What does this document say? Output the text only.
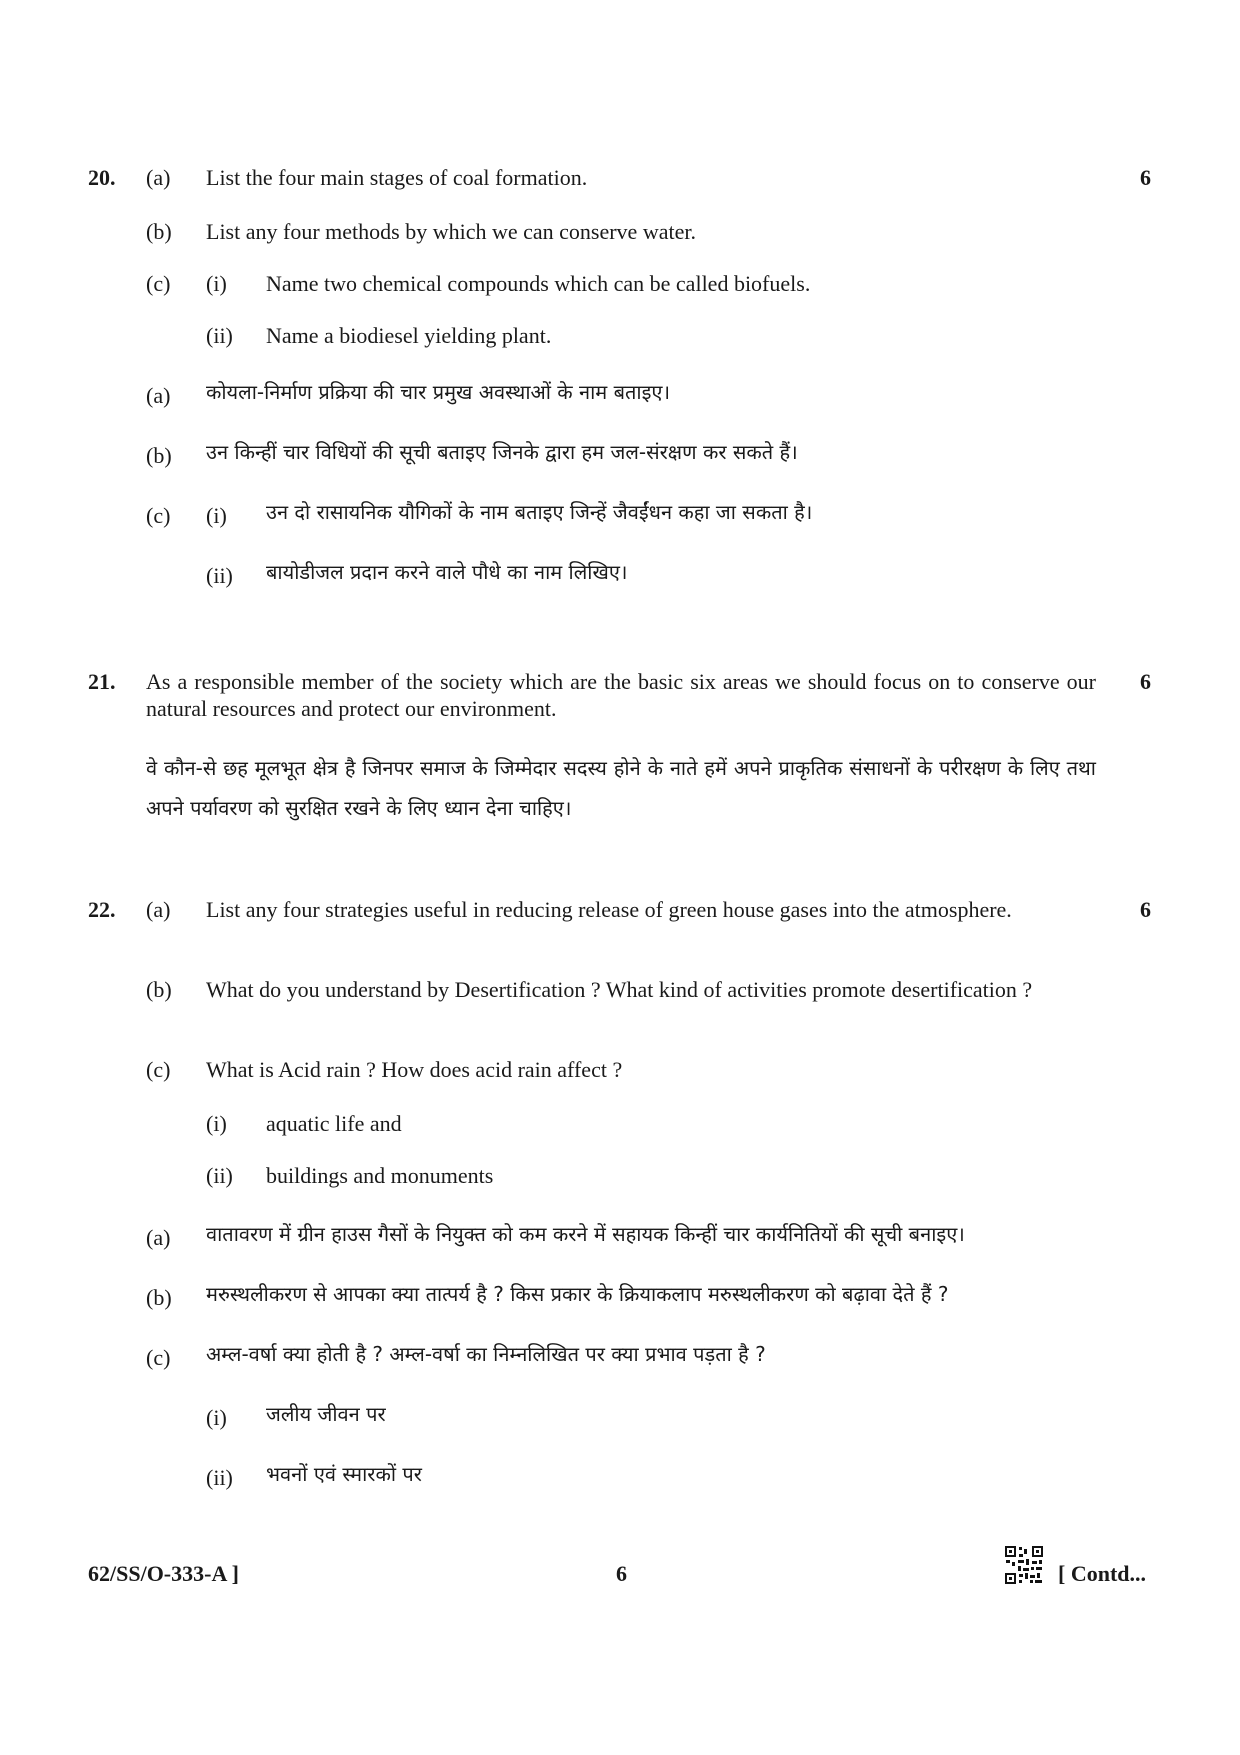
20. (a) List the four main stages of coal formation.	6
(b) List any four methods by which we can conserve water.
(c) (i) Name two chemical compounds which can be called biofuels.
(ii) Name a biodiesel yielding plant.
(a) कोयला-निर्माण प्रक्रिया की चार प्रमुख अवस्थाओं के नाम बताइए।
(b) उन किन्हीं चार विधियों की सूची बताइए जिनके द्वारा हम जल-संरक्षण कर सकते हैं।
(c) (i) उन दो रासायनिक यौगिकों के नाम बताइए जिन्हें जैवईंधन कहा जा सकता है।
(ii) बायोडीजल प्रदान करने वाले पौधे का नाम लिखिए।
21. As a responsible member of the society which are the basic six areas we should focus on to conserve our natural resources and protect our environment.
6
वे कौन-से छह मूलभूत क्षेत्र है जिनपर समाज के जिम्मेदार सदस्य होने के नाते हमें अपने प्राकृतिक संसाधनों के परीरक्षण के लिए तथा अपने पर्यावरण को सुरक्षित रखने के लिए ध्यान देना चाहिए।
22. (a) List any four strategies useful in reducing release of green house gases into the atmosphere.	6
(b) What do you understand by Desertification ? What kind of activities promote desertification ?
(c) What is Acid rain ? How does acid rain affect ?
(i) aquatic life and
(ii) buildings and monuments
(a) वातावरण में ग्रीन हाउस गैसों के नियुक्त को कम करने में सहायक किन्हीं चार कार्यनितियों की सूची बनाइए।
(b) मरुस्थलीकरण से आपका क्या तात्पर्य है ? किस प्रकार के क्रियाकलाप मरुस्थलीकरण को बढ़ावा देते हैं ?
(c) अम्ल-वर्षा क्या होती है ? अम्ल-वर्षा का निम्नलिखित पर क्या प्रभाव पड़ता है ?
(i) जलीय जीवन पर
(ii) भवनों एवं स्मारकों पर
62/SS/O-333-A ]	6	[ Contd...
